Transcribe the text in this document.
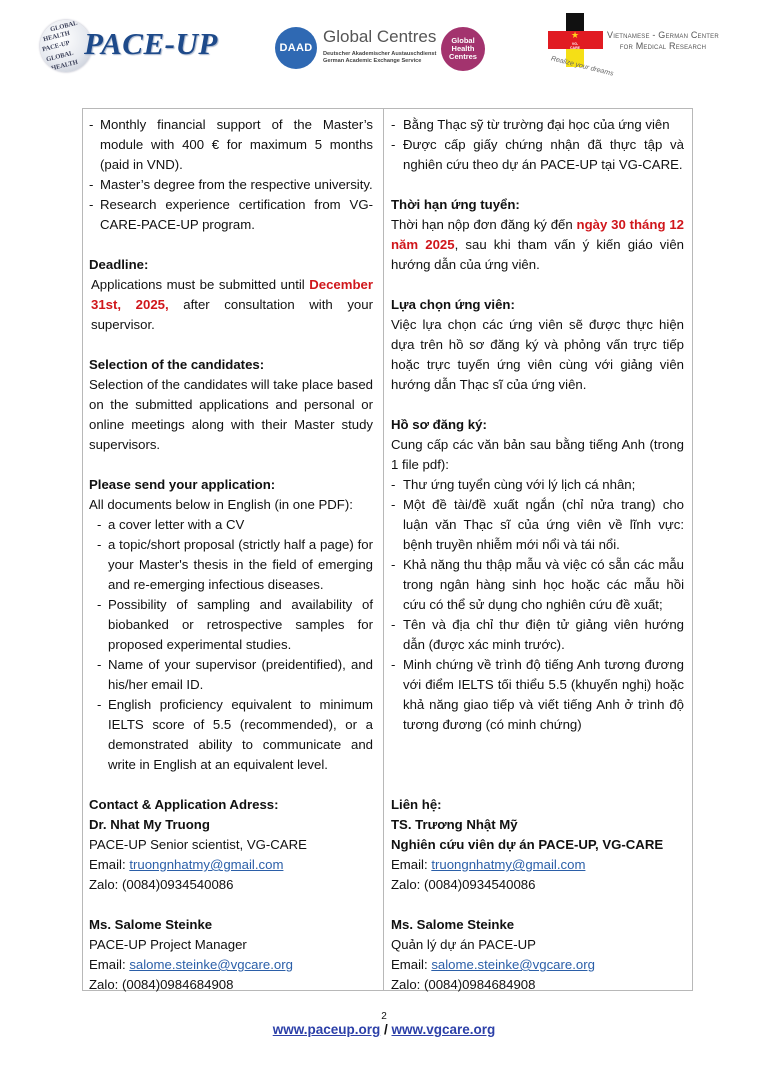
GLOBAL
HEALTH
PACE-UP
GLOBAL
HEALTH
PACE-UP	DAAD
Global Centres
Deutscher Akademischer Austauschdienst
German Academic Exchange Service
Global
Health
Centres
★
VG-CARE
Realize your dreams
Vietnamese - German Center
for Medical Research

- Monthly financial support of the Master’s module with 400 € for maximum 5 months (paid in VND).

- Master’s degree from the respective university.

- Research experience certification from VG-CARE-PACE-UP program.

Deadline:

Applications must be submitted until December 31st, 2025, after consultation with your supervisor.

Selection of the candidates:

Selection of the candidates will take place based on the submitted applications and personal or online meetings along with their Master study supervisors.

Please send your application:

All documents below in English (in one PDF):

- a cover letter with a CV

- a topic/short proposal (strictly half a page) for your Master's thesis in the field of emerging and re-emerging infectious diseases.

- Possibility of sampling and availability of biobanked or retrospective samples for proposed experimental studies.

- Name of your supervisor (preidentified), and his/her email ID.

- English proficiency equivalent to minimum IELTS score of 5.5 (recommended), or a demonstrated ability to communicate and write in English at an equivalent level.

Contact & Application Adress:

Dr. Nhat My Truong

PACE-UP Senior scientist, VG-CARE

Email: truongnhatmy@gmail.com

Zalo: (0084)0934540086

Ms. Salome Steinke

PACE-UP Project Manager

Email: salome.steinke@vgcare.org

Zalo: (0084)0984684908

- Bằng Thạc sỹ từ trường đại học của ứng viên

- Được cấp giấy chứng nhận đã thực tập và nghiên cứu theo dự án PACE-UP tại VG-CARE.

Thời hạn ứng tuyển:

Thời hạn nộp đơn đăng ký đến ngày 30 tháng 12 năm 2025, sau khi tham vấn ý kiến giáo viên hướng dẫn của ứng viên.

Lựa chọn ứng viên:

Việc lựa chọn các ứng viên sẽ được thực hiện dựa trên hồ sơ đăng ký và phỏng vấn trực tiếp hoặc trực tuyến ứng viên cùng với giảng viên hướng dẫn Thạc sĩ của ứng viên.

Hồ sơ đăng ký:

Cung cấp các văn bản sau bằng tiếng Anh (trong 1 file pdf):

- Thư ứng tuyển cùng với lý lịch cá nhân;

- Một đề tài/đề xuất ngắn (chỉ nửa trang) cho luận văn Thạc sĩ của ứng viên về lĩnh vực: bệnh truyền nhiễm mới nổi và tái nổi.

- Khả năng thu thập mẫu và việc có sẵn các mẫu trong ngân hàng sinh học hoặc các mẫu hồi cứu có thể sử dụng cho nghiên cứu đề xuất;

- Tên và địa chỉ thư điện tử giảng viên hướng dẫn (được xác minh trước).

- Minh chứng về trình độ tiếng Anh tương đương với điểm IELTS tối thiểu 5.5 (khuyến nghị) hoặc khả năng giao tiếp và viết tiếng Anh ở trình độ tương đương (có minh chứng)

Liên hệ:

TS. Trương Nhật Mỹ

Nghiên cứu viên dự án PACE-UP, VG-CARE

Email: truongnhatmy@gmail.com

Zalo: (0084)0934540086

Ms. Salome Steinke

Quản lý dự án PACE-UP

Email: salome.steinke@vgcare.org

Zalo: (0084)0984684908

2
www.paceup.org / www.vgcare.org
